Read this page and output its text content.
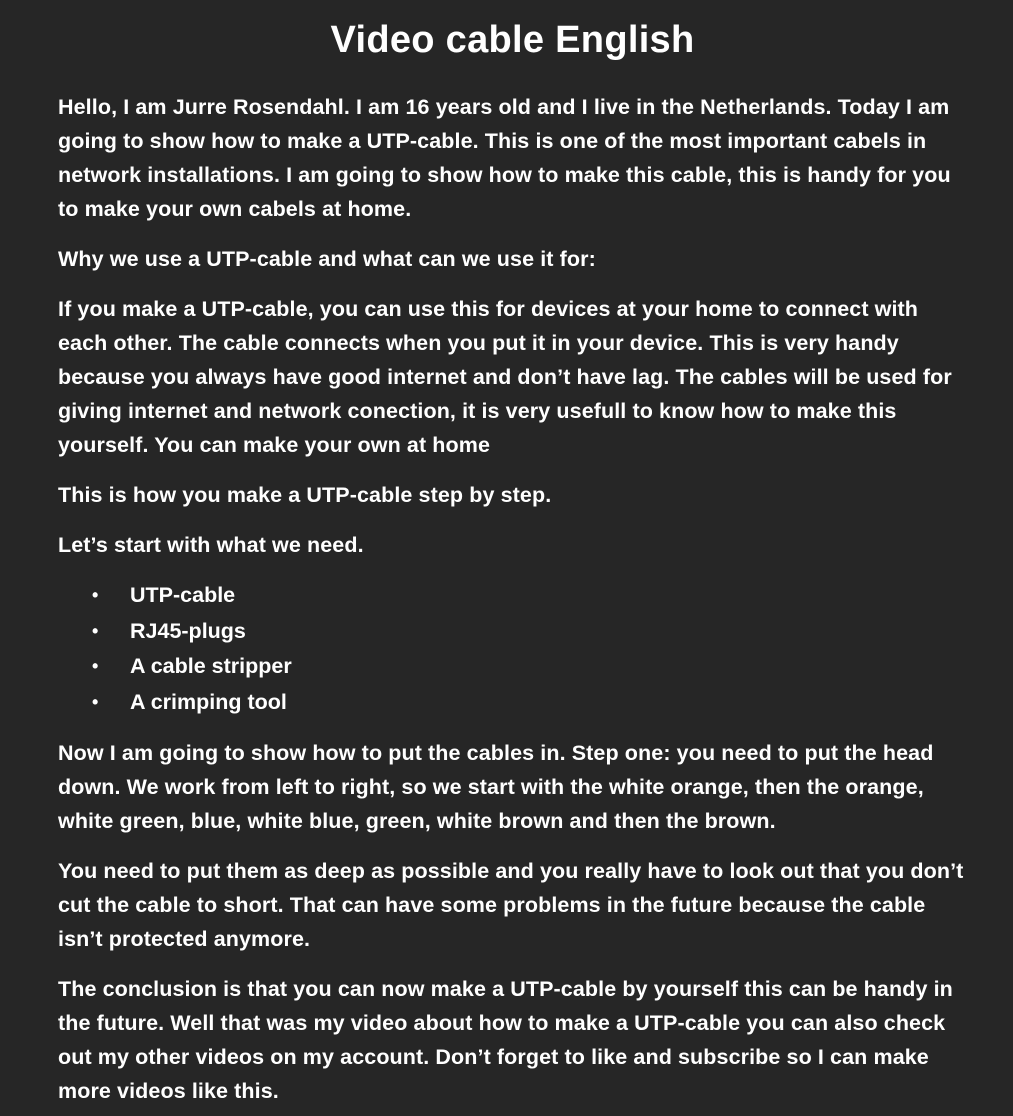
Video cable English

Hello, I am Jurre Rosendahl. I am 16 years old and I live in the Netherlands. Today I am going to show how to make a UTP-cable. This is one of the most important cabels in network installations. I am going to show how to make this cable, this is handy for you to make your own cabels at home.

Why we use a UTP-cable and what can we use it for:

If you make a UTP-cable, you can use this for devices at your home to connect with each other. The cable connects when you put it in your device. This is very handy because you always have good internet and don’t have lag. The cables will be used for giving internet and network conection, it is very usefull to know how to make this yourself. You can make your own at home

This is how you make a UTP-cable step by step.

Let’s start with what we need.

• UTP-cable
• RJ45-plugs
• A cable stripper
• A crimping tool

Now I am going to show how to put the cables in. Step one: you need to put the head down. We work from left to right, so we start with the white orange, then the orange, white green, blue, white blue, green, white brown and then the brown.

You need to put them as deep as possible and you really have to look out that you don’t cut the cable to short. That can have some problems in the future because the cable isn’t protected anymore.

The conclusion is that you can now make a UTP-cable by yourself this can be handy in the future. Well that was my video about how to make a UTP-cable you can also check out my other videos on my account. Don’t forget to like and subscribe so I can make more videos like this.
